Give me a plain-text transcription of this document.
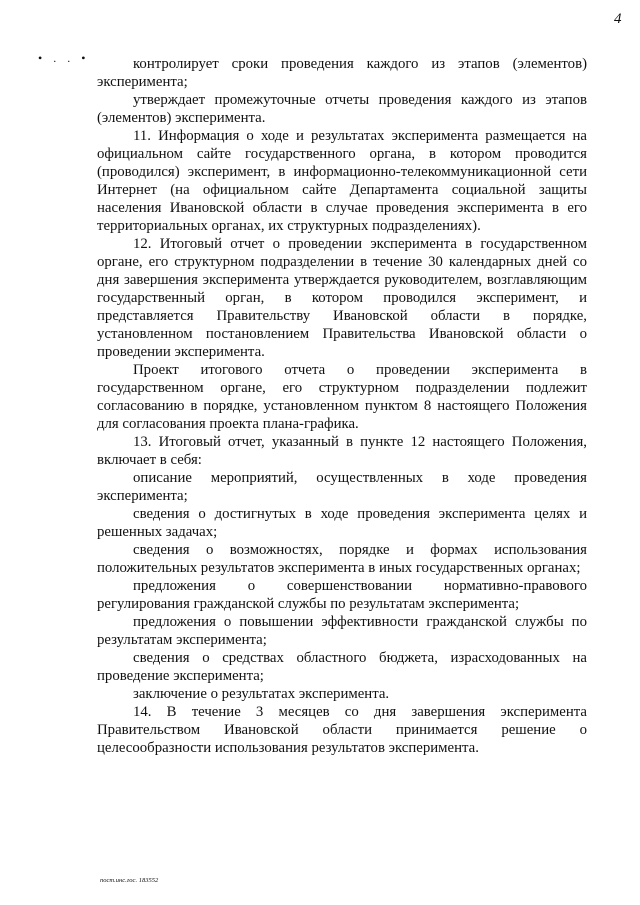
4
• . . •	контролирует сроки проведения каждого из этапов (элементов) эксперимента;

утверждает промежуточные отчеты проведения каждого из этапов (элементов) эксперимента.

11. Информация о ходе и результатах эксперимента размещается на официальном сайте государственного органа, в котором проводится (проводился) эксперимент, в информационно-телекоммуникационной сети Интернет (на официальном сайте Департамента социальной защиты населения Ивановской области в случае проведения эксперимента в его территориальных органах, их структурных подразделениях).

12. Итоговый отчет о проведении эксперимента в государственном органе, его структурном подразделении в течение 30 календарных дней со дня завершения эксперимента утверждается руководителем, возглавляющим государственный орган, в котором проводился эксперимент, и представляется Правительству Ивановской области в порядке, установленном постановлением Правительства Ивановской области о проведении эксперимента.

Проект итогового отчета о проведении эксперимента в государственном органе, его структурном подразделении подлежит согласованию в порядке, установленном пунктом 8 настоящего Положения для согласования проекта плана-графика.

13. Итоговый отчет, указанный в пункте 12 настоящего Положения, включает в себя:

описание мероприятий, осуществленных в ходе проведения эксперимента;

сведения о достигнутых в ходе проведения эксперимента целях и решенных задачах;

сведения о возможностях, порядке и формах использования положительных результатов эксперимента в иных государственных органах;

предложения о совершенствовании нормативно-правового регулирования гражданской службы по результатам эксперимента;

предложения о повышении эффективности гражданской службы по результатам эксперимента;

сведения о средствах областного бюджета, израсходованных на проведение эксперимента;

заключение о результатах эксперимента.

14. В течение 3 месяцев со дня завершения эксперимента Правительством Ивановской области принимается решение о целесообразности использования результатов эксперимента.

пост.инс.гос. 183552
